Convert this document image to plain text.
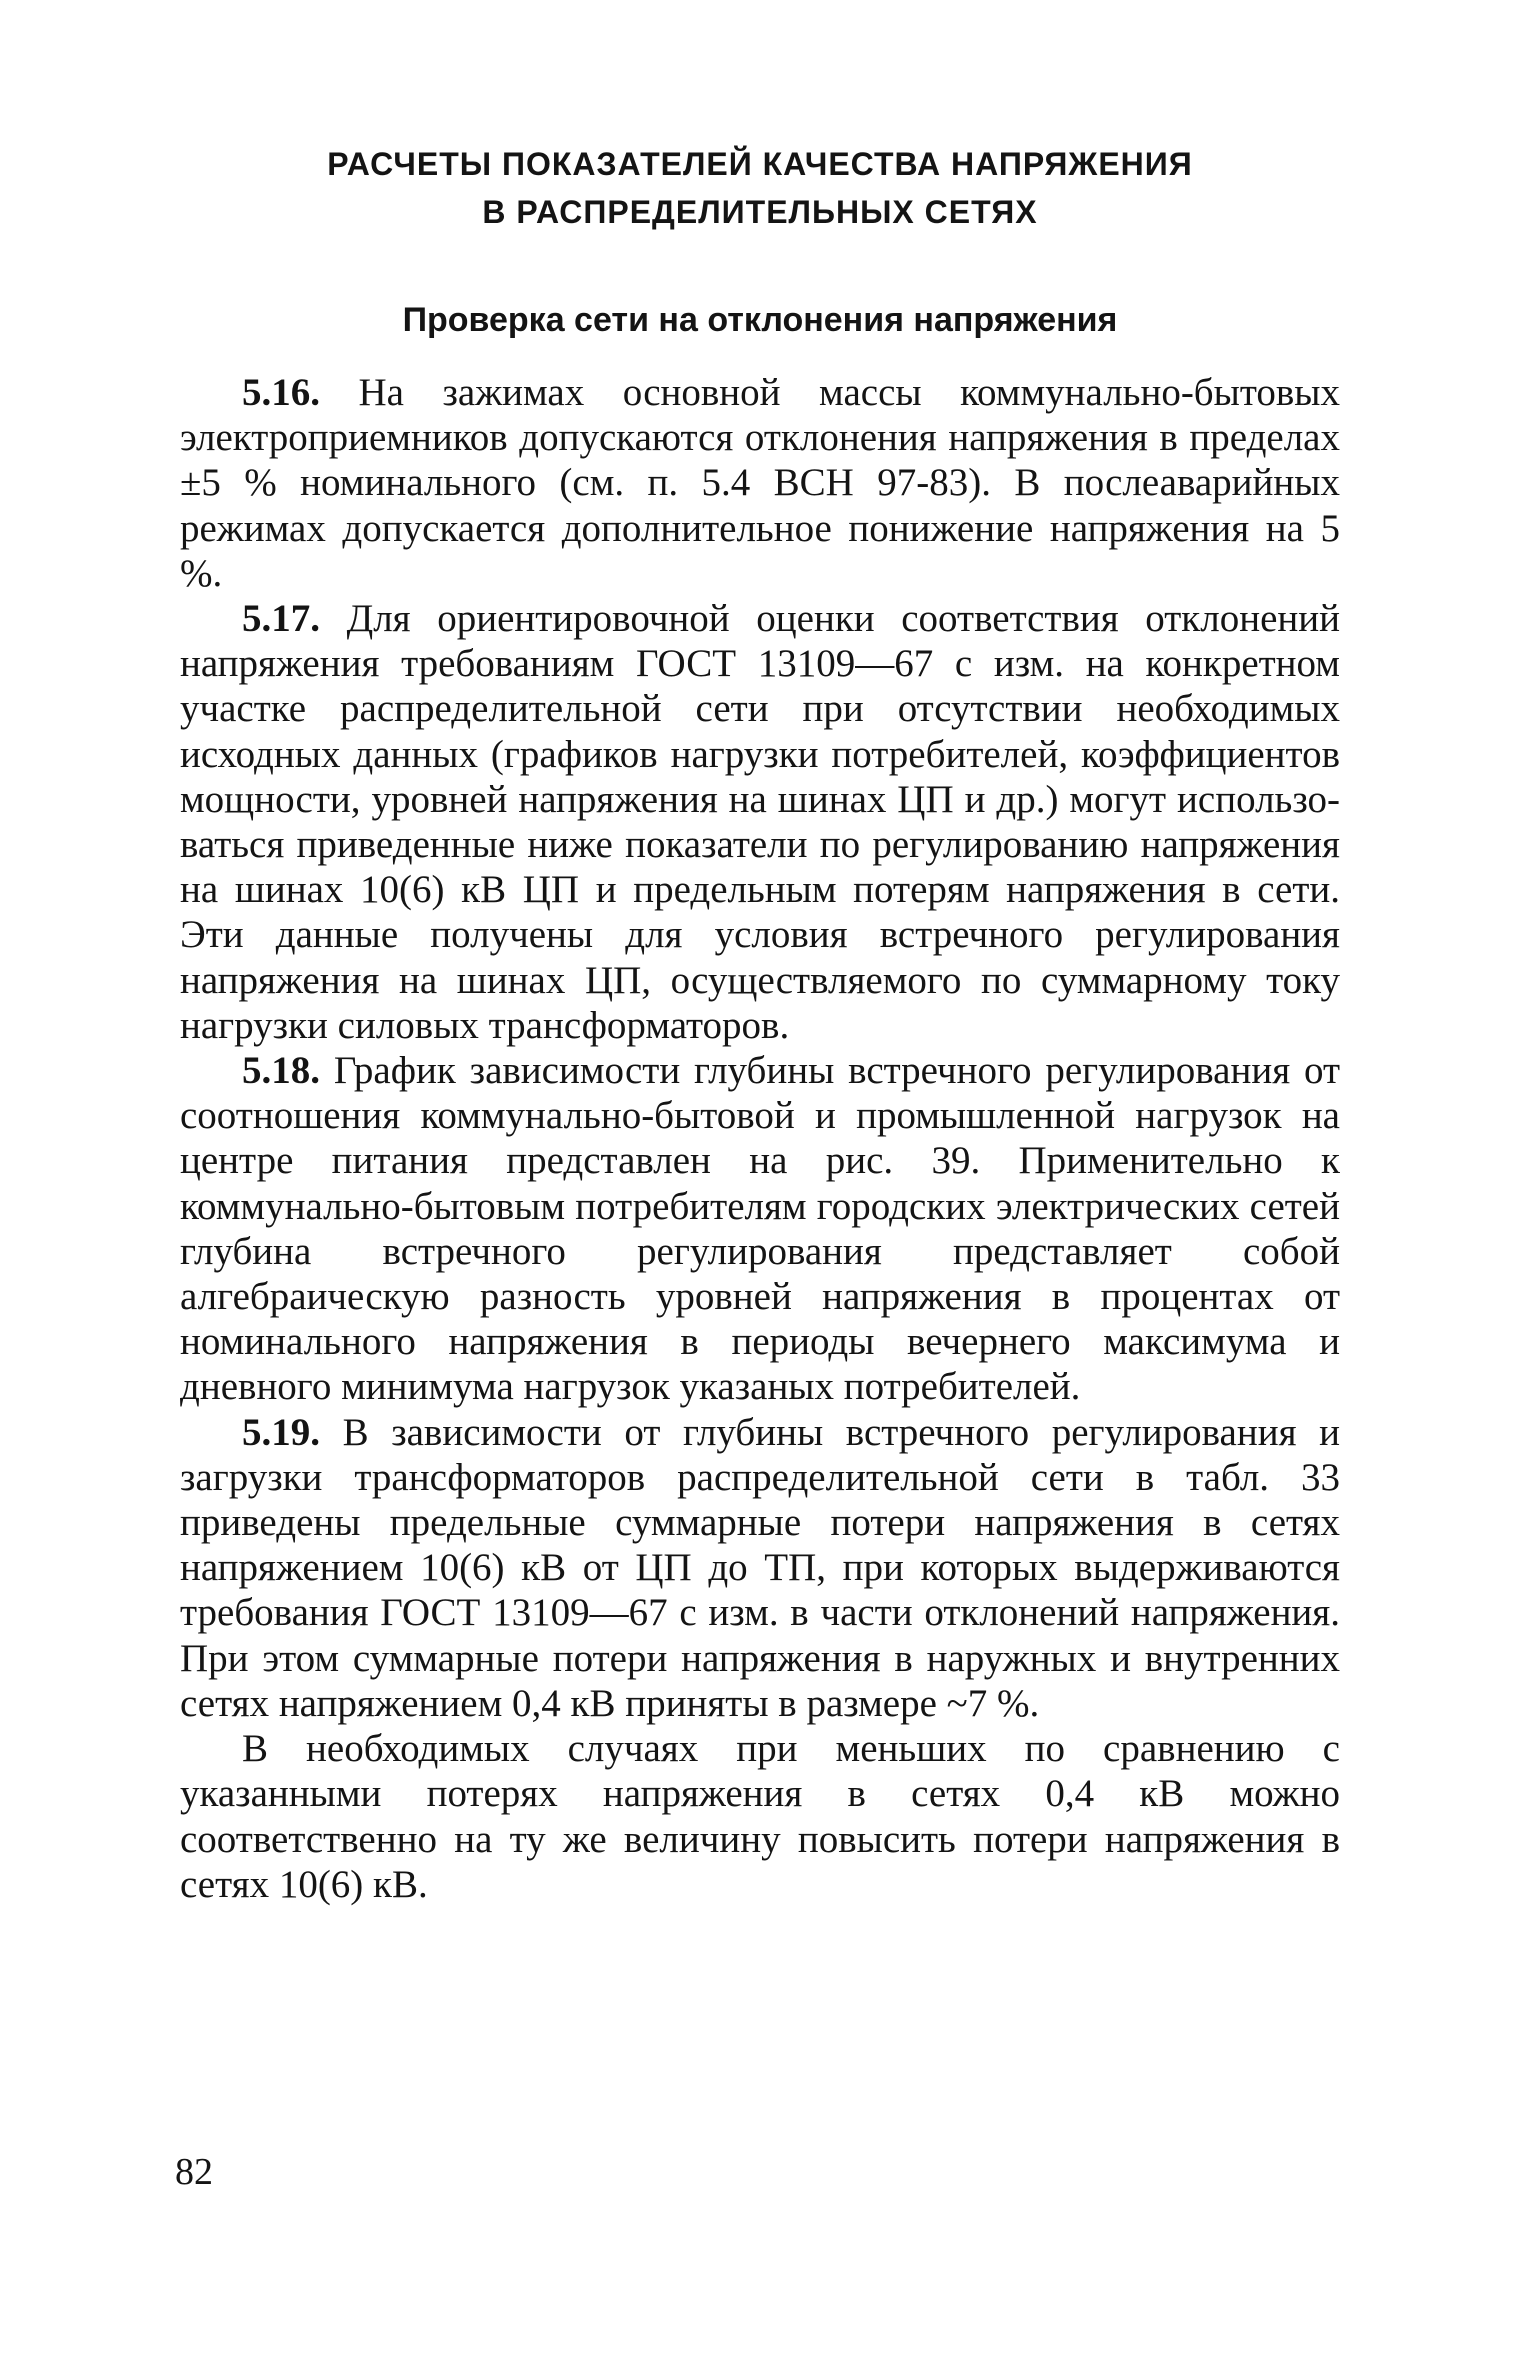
РАСЧЕТЫ ПОКАЗАТЕЛЕЙ КАЧЕСТВА НАПРЯЖЕНИЯ
В РАСПРЕДЕЛИТЕЛЬНЫХ СЕТЯХ
Проверка сети на отклонения напряжения

5.16. На зажимах основной массы коммунально-бытовых электроприемников допускаются отклонения напряжения в пределах ±5 % номинального (см. п. 5.4 ВСН 97-83). В послеаварийных режимах допускается дополнительное понижение напряжения на 5 %.

5.17. Для ориентировочной оценки соответствия отклонений напряжения требованиям ГОСТ 13109—67 с изм. на конкретном участке распределительной сети при отсутствии необходимых исходных данных (графиков нагрузки потребителей, коэффициентов мощности, уровней напряжения на шинах ЦП и др.) могут использоваться приведенные ниже показатели по регулированию напряжения на шинах 10(6) кВ ЦП и предельным потерям напряжения в сети. Эти данные получены для условия встречного регулирования напряжения на шинах ЦП, осуществляемого по суммарному току нагрузки силовых трансформаторов.

5.18. График зависимости глубины встречного регулирования от соотношения коммунально-бытовой и промышленной нагрузок на центре питания представлен на рис. 39. Применительно к коммунально-бытовым потребителям городских электрических сетей глубина встречного регулирования представляет собой алгебраическую разность уровней напряжения в процентах от номинального напряжения в периоды вечернего максимума и дневного минимума нагрузок указаных потребителей.

5.19. В зависимости от глубины встречного регулирования и загрузки трансформаторов распределительной сети в табл. 33 приведены предельные суммарные потери напряжения в сетях напряжением 10(6) кВ от ЦП до ТП, при которых выдерживаются требования ГОСТ 13109—67 с изм. в части отклонений напряжения. При этом суммарные потери напряжения в наружных и внутренних сетях напряжением 0,4 кВ приняты в размере ~7 %.

В необходимых случаях при меньших по сравнению с указанными потерях напряжения в сетях 0,4 кВ можно соответственно на ту же величину повысить потери напряжения в сетях 10(6) кВ.

82
